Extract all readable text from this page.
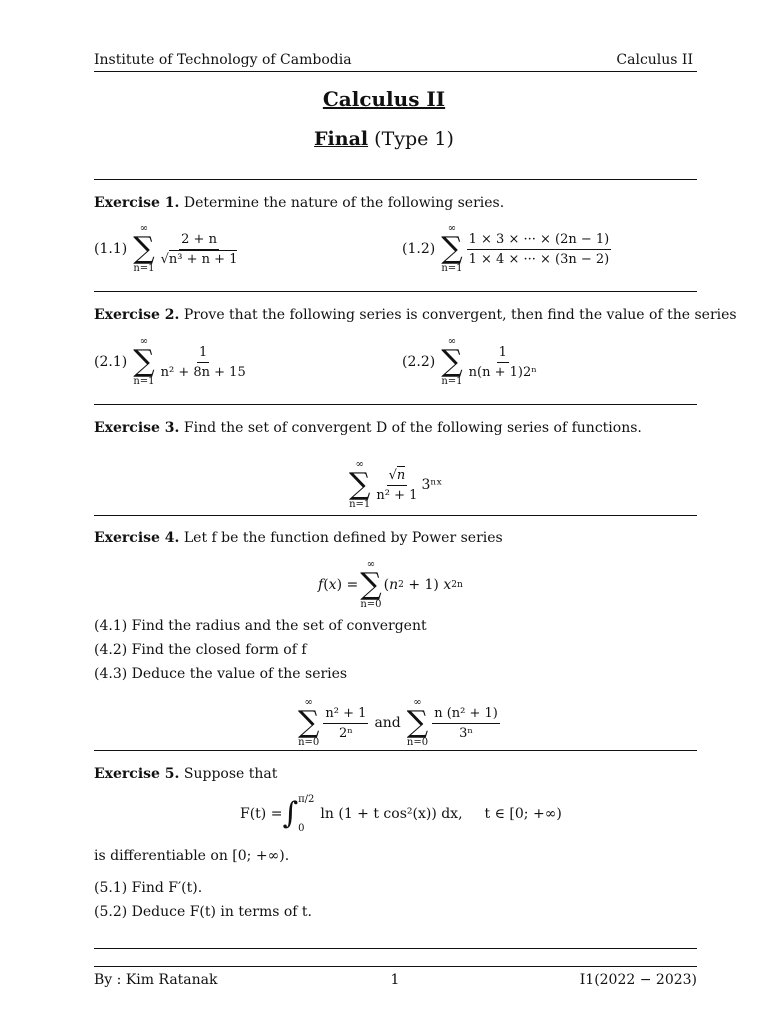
Institute of Technology of Cambodia	Calculus II
Calculus II
Final (Type 1)
Exercise 1. Determine the nature of the following series.
(1.1)
∞
∑
n=1
$\frac{2 + n}{\text{√n³ + n + 1}}$	(1.2)
∞
∑
n=1
$\frac{1 \times 3 \times \cdot\cdot\cdot \times (2n - 1)}{1 \times 4 \times \cdot\cdot\cdot \times (3n - 2)}$
Exercise 2. Prove that the following series is convergent, then find the value of the series
(2.1)
∞
∑
n=1
$\frac{1}{\text{n² + 8n + 15}}$	(2.2)
∞
∑
n=1
$\frac{1}{\text{n(n + 1)2ⁿ}}$
Exercise 3. Find the set of convergent D of the following series of functions.
∞
∑
n=1
$\frac{√n}{\text{n² + 1}}$ 3ⁿˣ
Exercise 4. Let f be the function defined by Power series
f ( x ) =
∞
∑
n=0
( n 2 + 1) x 2n
(4.1) Find the radius and the set of convergent
(4.2) Find the closed form of f
(4.3) Deduce the value of the series
∞
∑
n=0
$\frac{\text{n² + 1}}{\text{2ⁿ}}$ and
∞
∑
n=0
$\frac{\text{n (n² + 1)}}{\text{3ⁿ}}$
Exercise 5. Suppose that
F(t) = ∫ π/2
0
ln (1 + t cos²(x)) dx, t ∈ [0; +∞)
is differentiable on [0; +∞).
(5.1) Find F′(t).
(5.2) Deduce F(t) in terms of t.
By : Kim Ratanak	1	I1(2022 − 2023)
